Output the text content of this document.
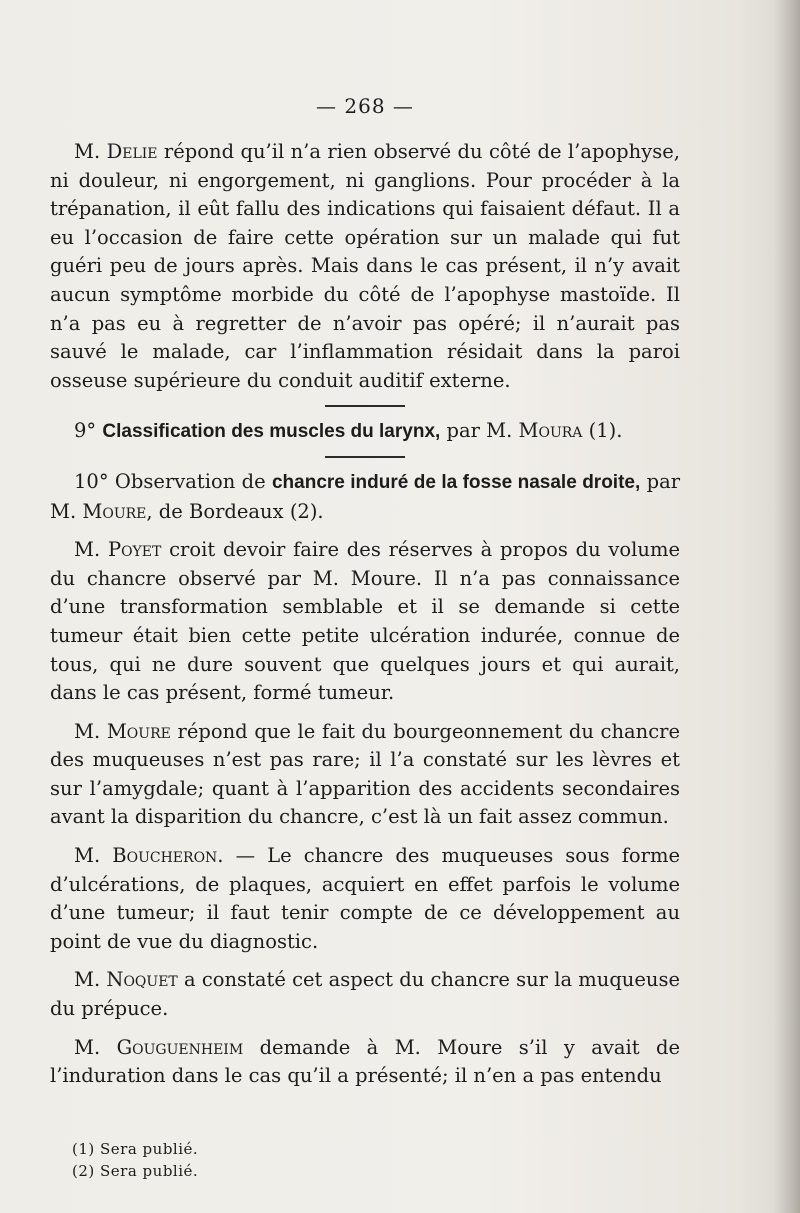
— 268 —

M. Delie répond qu’il n’a rien observé du côté de l’apophyse, ni douleur, ni engorgement, ni ganglions. Pour procéder à la trépanation, il eût fallu des indications qui faisaient défaut. Il a eu l’occasion de faire cette opération sur un malade qui fut guéri peu de jours après. Mais dans le cas présent, il n’y avait aucun symptôme morbide du côté de l’apophyse mastoïde. Il n’a pas eu à regretter de n’avoir pas opéré; il n’aurait pas sauvé le malade, car l’inflammation résidait dans la paroi osseuse supérieure du conduit auditif externe.

9° Classification des muscles du larynx, par M. Moura (1).

10° Observation de chancre induré de la fosse nasale droite, par M. Moure, de Bordeaux (2).

M. Poyet croit devoir faire des réserves à propos du volume du chancre observé par M. Moure. Il n’a pas connaissance d’une transformation semblable et il se demande si cette tumeur était bien cette petite ulcération indurée, connue de tous, qui ne dure souvent que quelques jours et qui aurait, dans le cas présent, formé tumeur.

M. Moure répond que le fait du bourgeonnement du chancre des muqueuses n’est pas rare; il l’a constaté sur les lèvres et sur l’amygdale; quant à l’apparition des accidents secondaires avant la disparition du chancre, c’est là un fait assez commun.

M. Boucheron. — Le chancre des muqueuses sous forme d’ulcérations, de plaques, acquiert en effet parfois le volume d’une tumeur; il faut tenir compte de ce développement au point de vue du diagnostic.

M. Noquet a constaté cet aspect du chancre sur la muqueuse du prépuce.

M. Gouguenheim demande à M. Moure s’il y avait de l’induration dans le cas qu’il a présenté; il n’en a pas entendu

(1) Sera publié.
(2) Sera publié.
